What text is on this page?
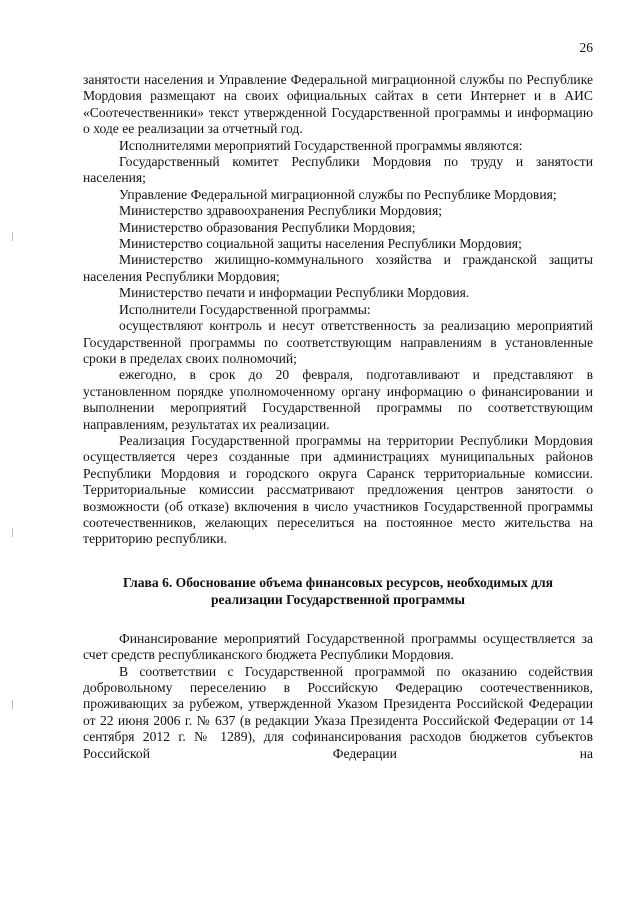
26

занятости населения и Управление Федеральной миграционной службы по Республике Мордовия размещают на своих официальных сайтах в сети Интернет и в АИС «Соотечественники» текст утвержденной Государственной программы и информацию о ходе ее реализации за отчетный год.

Исполнителями мероприятий Государственной программы являются:

Государственный комитет Республики Мордовия по труду и занятости населения;

Управление Федеральной миграционной службы по Республике Мордовия;

Министерство здравоохранения Республики Мордовия;

Министерство образования Республики Мордовия;

Министерство социальной защиты населения Республики Мордовия;

Министерство жилищно-коммунального хозяйства и гражданской защиты населения Республики Мордовия;

Министерство печати и информации Республики Мордовия.

Исполнители Государственной программы:

осуществляют контроль и несут ответственность за реализацию мероприятий Государственной программы по соответствующим направлениям в установленные сроки в пределах своих полномочий;

ежегодно, в срок до 20 февраля, подготавливают и представляют в установленном порядке уполномоченному органу информацию о финансировании и выполнении мероприятий Государственной программы по соответствующим направлениям, результатах их реализации.

Реализация Государственной программы на территории Республики Мордовия осуществляется через созданные при администрациях муниципальных районов Республики Мордовия и городского округа Саранск территориальные комиссии. Территориальные комиссии рассматривают предложения центров занятости о возможности (об отказе) включения в число участников Государственной программы соотечественников, желающих переселиться на постоянное место жительства на территорию республики.

Глава 6. Обоснование объема финансовых ресурсов, необходимых для
реализации Государственной программы

Финансирование мероприятий Государственной программы осуществляется за счет средств республиканского бюджета Республики Мордовия.

В соответствии с Государственной программой по оказанию содействия добровольному переселению в Российскую Федерацию соотечественников, проживающих за рубежом, утвержденной Указом Президента Российской Федерации от 22 июня 2006 г. № 637 (в редакции Указа Президента Российской Федерации от 14 сентября 2012 г. № 1289), для софинансирования расходов бюджетов субъектов Российской Федерации на
